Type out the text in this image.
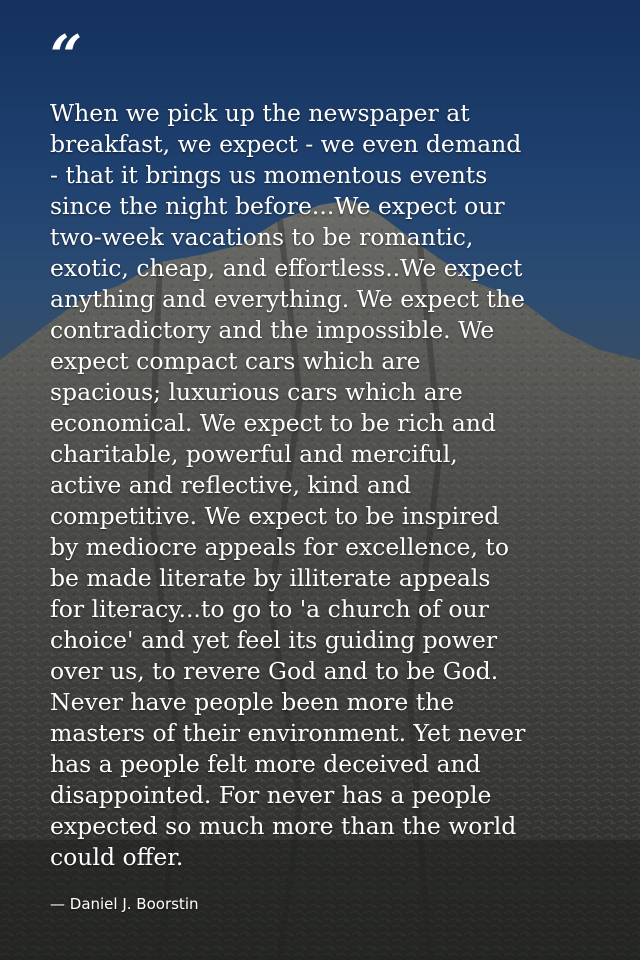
“

When we pick up the newspaper at
breakfast, we expect - we even demand
- that it brings us momentous events
since the night before...We expect our
two-week vacations to be romantic,
exotic, cheap, and effortless..We expect
anything and everything. We expect the
contradictory and the impossible. We
expect compact cars which are
spacious; luxurious cars which are
economical. We expect to be rich and
charitable, powerful and merciful,
active and reflective, kind and
competitive. We expect to be inspired
by mediocre appeals for excellence, to
be made literate by illiterate appeals
for literacy...to go to 'a church of our
choice' and yet feel its guiding power
over us, to revere God and to be God.
Never have people been more the
masters of their environment. Yet never
has a people felt more deceived and
disappointed. For never has a people
expected so much more than the world
could offer.

— Daniel J. Boorstin
